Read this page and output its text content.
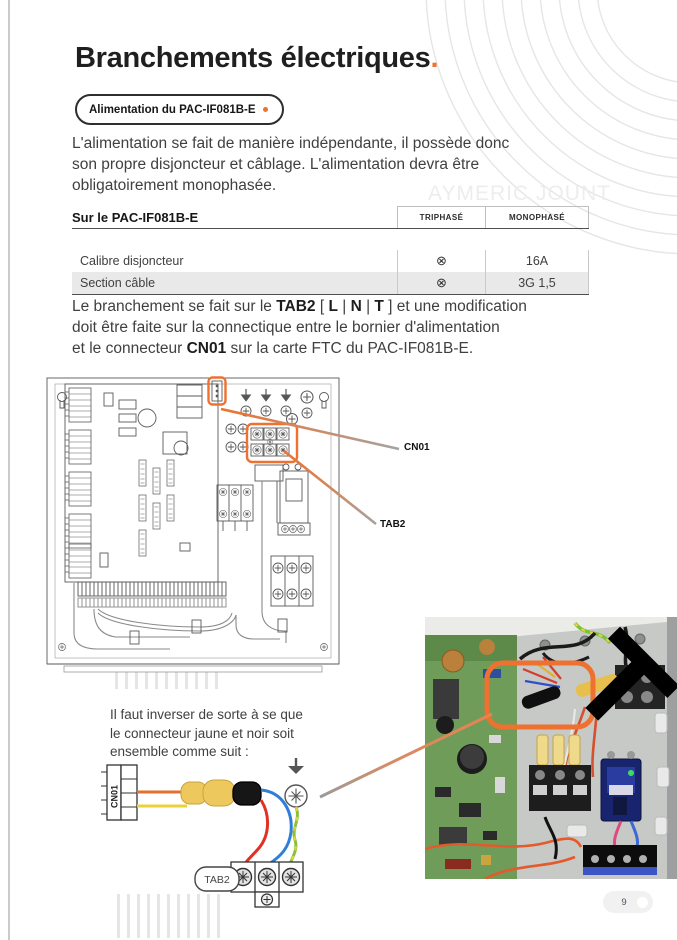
AYMERIC JOUNT
Branchements électriques.
Alimentation du PAC-IF081B-E
L'alimentation se fait de manière indépendante, il possède donc
son propre disjoncteur et câblage. L'alimentation devra être
obligatoirement monophasée.
Sur le PAC-IF081B-E	TRIPHASÉ	MONOPHASÉ
Calibre disjoncteur	⊗	16A
Section câble	⊗	3G 1,5
Le branchement se fait sur le TAB2 [ L | N | T ] et une modification
doit être faite sur la connectique entre le bornier d'alimentation
et le connecteur CN01 sur la carte FTC du PAC-IF081B-E.
CN01
TAB2
Il faut inverser de sorte à se que
le connecteur jaune et noir soit
ensemble comme suit :
CN01
TAB2
9
